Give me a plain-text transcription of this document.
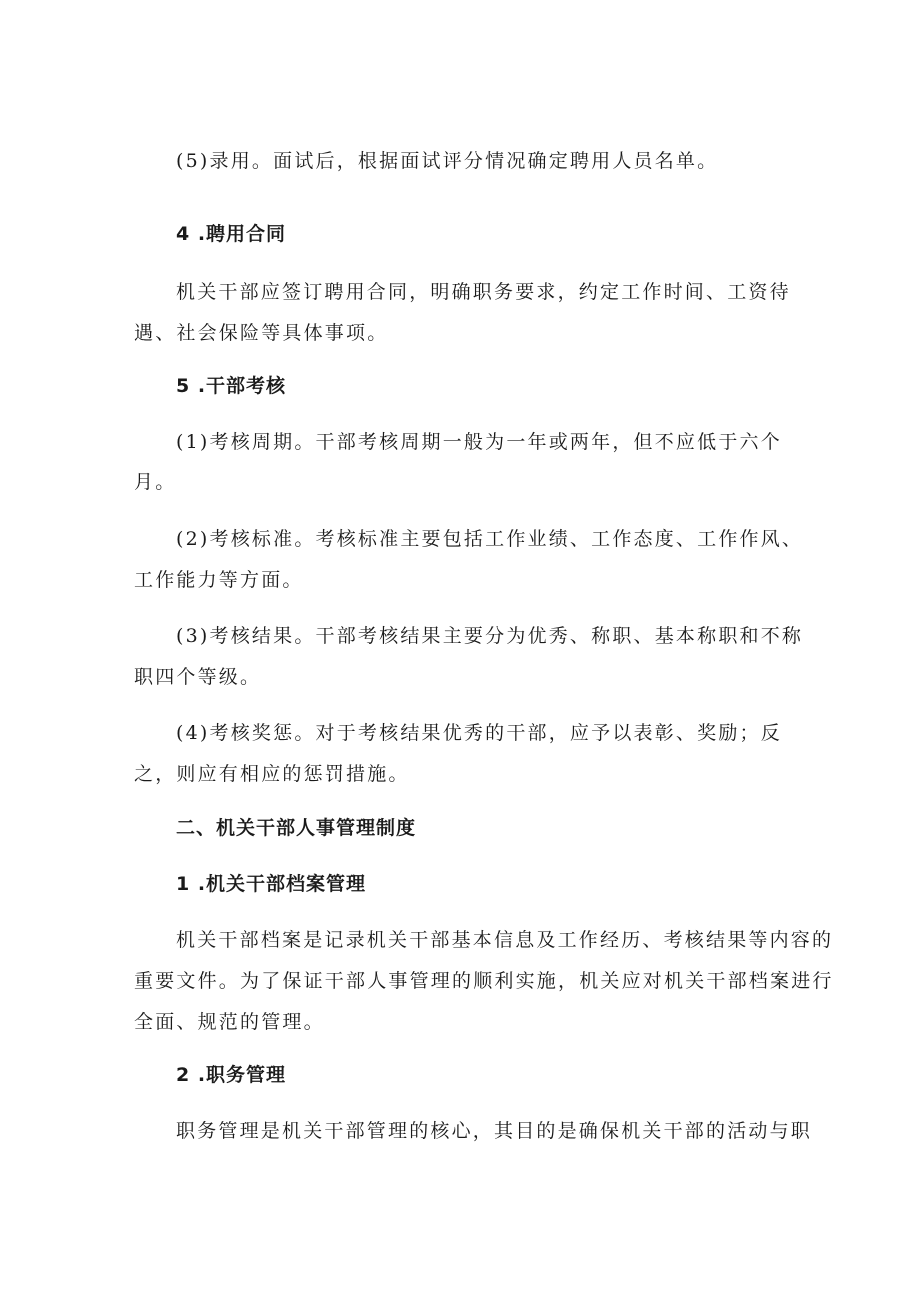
(5)录用。面试后，根据面试评分情况确定聘用人员名单。
4 .聘用合同
机关干部应签订聘用合同，明确职务要求，约定工作时间、工资待
遇、社会保险等具体事项。
5 .干部考核
(1)考核周期。干部考核周期一般为一年或两年，但不应低于六个
月。
(2)考核标准。考核标准主要包括工作业绩、工作态度、工作作风、
工作能力等方面。
(3)考核结果。干部考核结果主要分为优秀、称职、基本称职和不称
职四个等级。
(4)考核奖惩。对于考核结果优秀的干部，应予以表彰、奖励；反
之，则应有相应的惩罚措施。
二、机关干部人事管理制度
1 .机关干部档案管理
机关干部档案是记录机关干部基本信息及工作经历、考核结果等内容的
重要文件。为了保证干部人事管理的顺利实施，机关应对机关干部档案进行
全面、规范的管理。
2 .职务管理
职务管理是机关干部管理的核心，其目的是确保机关干部的活动与职
